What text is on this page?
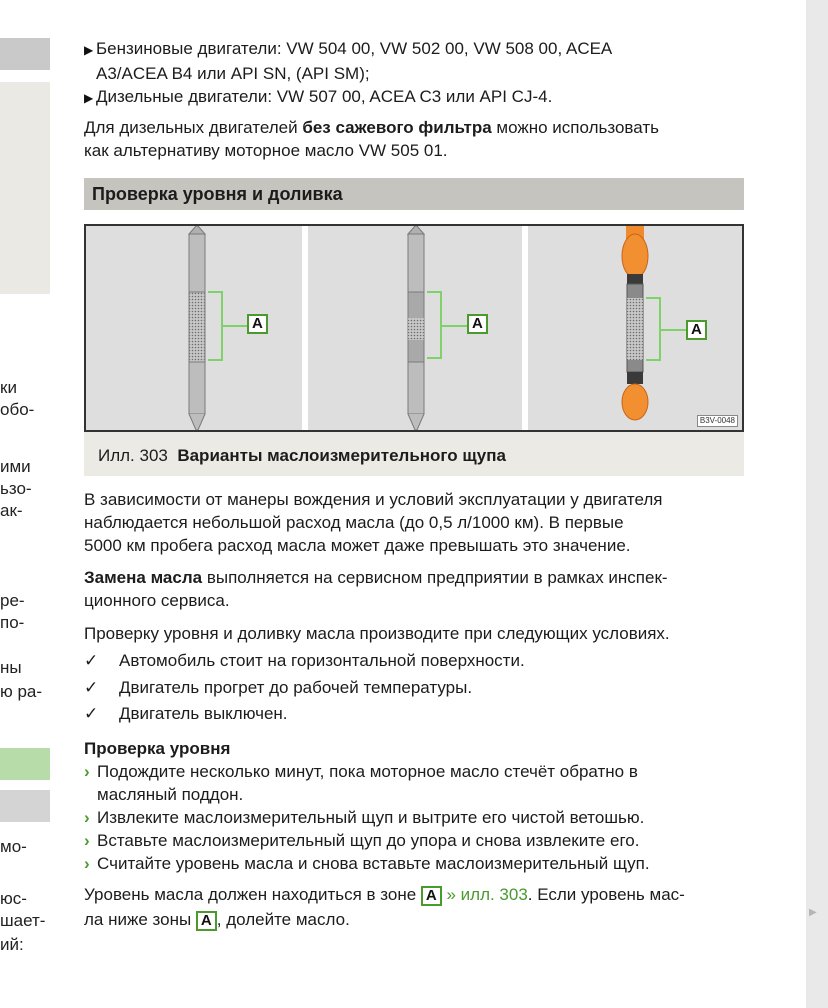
ки
обо-
ими
ьзо-
ак-
ре-
по-
ны
ю ра-
мо-
юс-
шает-
ий:
▶ Бензиновые двигатели: VW 504 00, VW 502 00, VW 508 00, ACEA
A3/ACEA B4 или API SN, (API SM);
▶ Дизельные двигатели: VW 507 00, ACEA C3 или API CJ-4.
Для дизельных двигателей без сажевого фильтра можно использовать
как альтернативу моторное масло VW 505 01.
Проверка уровня и доливка
A	A	A
B3V-0048
Илл. 303 Варианты маслоизмерительного щупа
В зависимости от манеры вождения и условий эксплуатации у двигателя
наблюдается небольшой расход масла (до 0,5 л/1000 км). В первые
5000 км пробега расход масла может даже превышать это значение.
Замена масла выполняется на сервисном предприятии в рамках инспек-
ционного сервиса.
Проверку уровня и доливку масла производите при следующих условиях.
✓ Автомобиль стоит на горизонтальной поверхности.
✓ Двигатель прогрет до рабочей температуры.
✓ Двигатель выключен.
Проверка уровня
› Подождите несколько минут, пока моторное масло стечёт обратно в
масляный поддон.
› Извлеките маслоизмерительный щуп и вытрите его чистой ветошью.
› Вставьте маслоизмерительный щуп до упора и снова извлеките его.
› Считайте уровень масла и снова вставьте маслоизмерительный щуп.
Уровень масла должен находиться в зоне A » илл. 303. Если уровень мас-
ла ниже зоны A , долейте масло.	▶
